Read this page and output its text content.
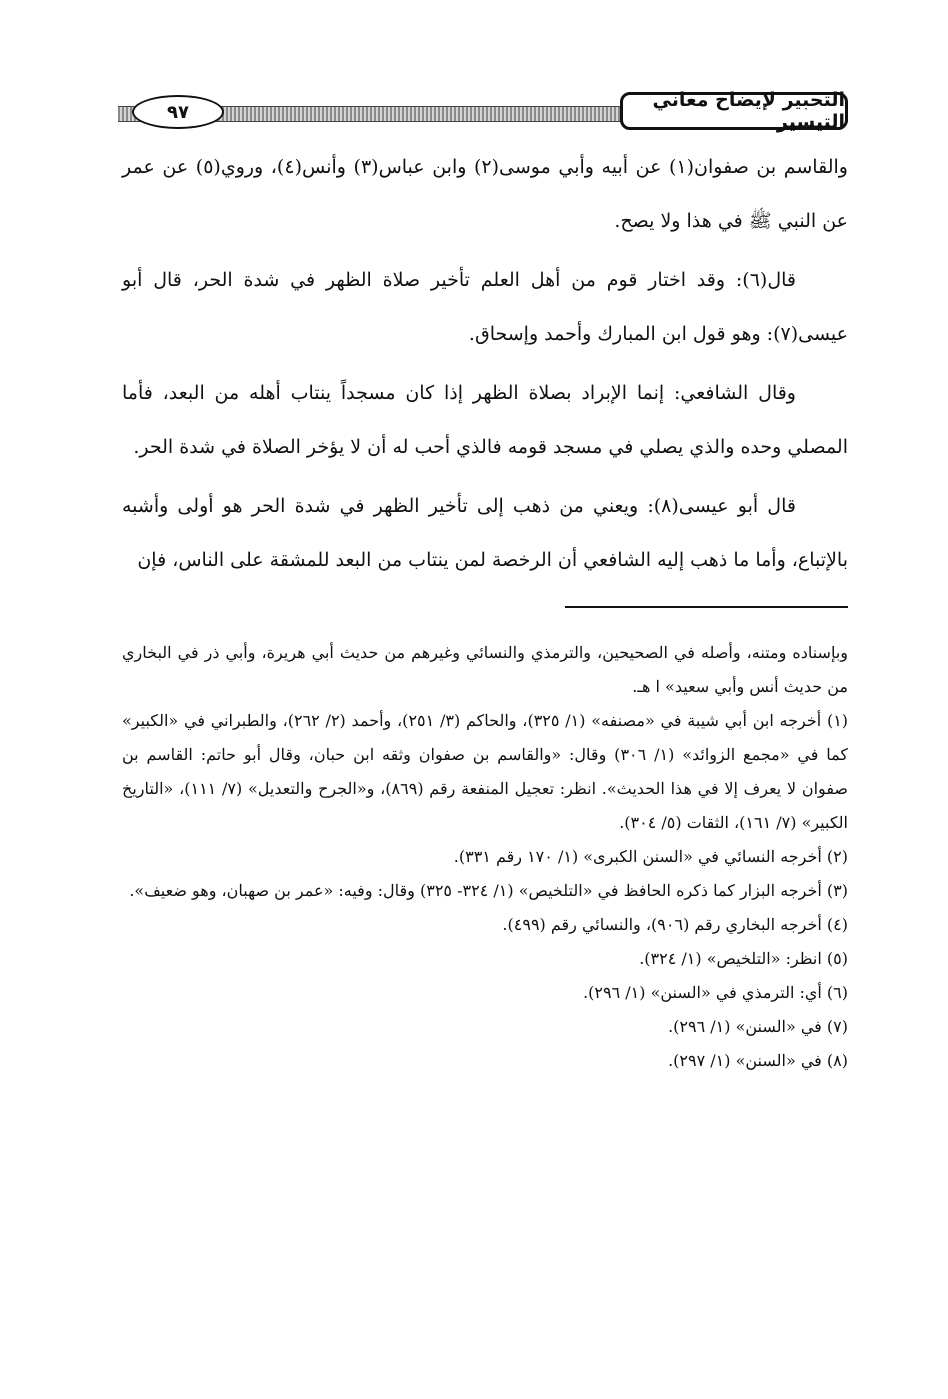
التحبير لإيضاح معاني التيسير
٩٧

والقاسم بن صفوان(١) عن أبيه وأبي موسى(٢) وابن عباس(٣) وأنس(٤)، وروي(٥) عن عمر عن النبي ﷺ في هذا ولا يصح.

قال(٦): وقد اختار قوم من أهل العلم تأخير صلاة الظهر في شدة الحر، قال أبو عيسى(٧): وهو قول ابن المبارك وأحمد وإسحاق.

وقال الشافعي: إنما الإبراد بصلاة الظهر إذا كان مسجداً ينتاب أهله من البعد، فأما المصلي وحده والذي يصلي في مسجد قومه فالذي أحب له أن لا يؤخر الصلاة في شدة الحر.

قال أبو عيسى(٨): ويعني من ذهب إلى تأخير الظهر في شدة الحر هو أولى وأشبه بالإتباع، وأما ما ذهب إليه الشافعي أن الرخصة لمن ينتاب من البعد للمشقة على الناس، فإن

وبإسناده ومتنه، وأصله في الصحيحين، والترمذي والنسائي وغيرهم من حديث أبي هريرة، وأبي ذر في البخاري من حديث أنس وأبي سعيد» ا هـ.

(١) أخرجه ابن أبي شيبة في «مصنفه» (١/ ٣٢٥)، والحاكم (٣/ ٢٥١)، وأحمد (٢/ ٢٦٢)، والطبراني في «الكبير» كما في «مجمع الزوائد» (١/ ٣٠٦) وقال: «والقاسم بن صفوان وثقه ابن حبان، وقال أبو حاتم: القاسم بن صفوان لا يعرف إلا في هذا الحديث». انظر: تعجيل المنفعة رقم (٨٦٩)، و«الجرح والتعديل» (٧/ ١١١)، «التاريخ الكبير» (٧/ ١٦١)، الثقات (٥/ ٣٠٤).

(٢) أخرجه النسائي في «السنن الكبرى» (١/ ١٧٠ رقم ٣٣١).

(٣) أخرجه البزار كما ذكره الحافظ في «التلخيص» (١/ ٣٢٤- ٣٢٥) وقال: وفيه: «عمر بن صهبان، وهو ضعيف».

(٤) أخرجه البخاري رقم (٩٠٦)، والنسائي رقم (٤٩٩).

(٥) انظر: «التلخيص» (١/ ٣٢٤).

(٦) أي: الترمذي في «السنن» (١/ ٢٩٦).

(٧) في «السنن» (١/ ٢٩٦).

(٨) في «السنن» (١/ ٢٩٧).
